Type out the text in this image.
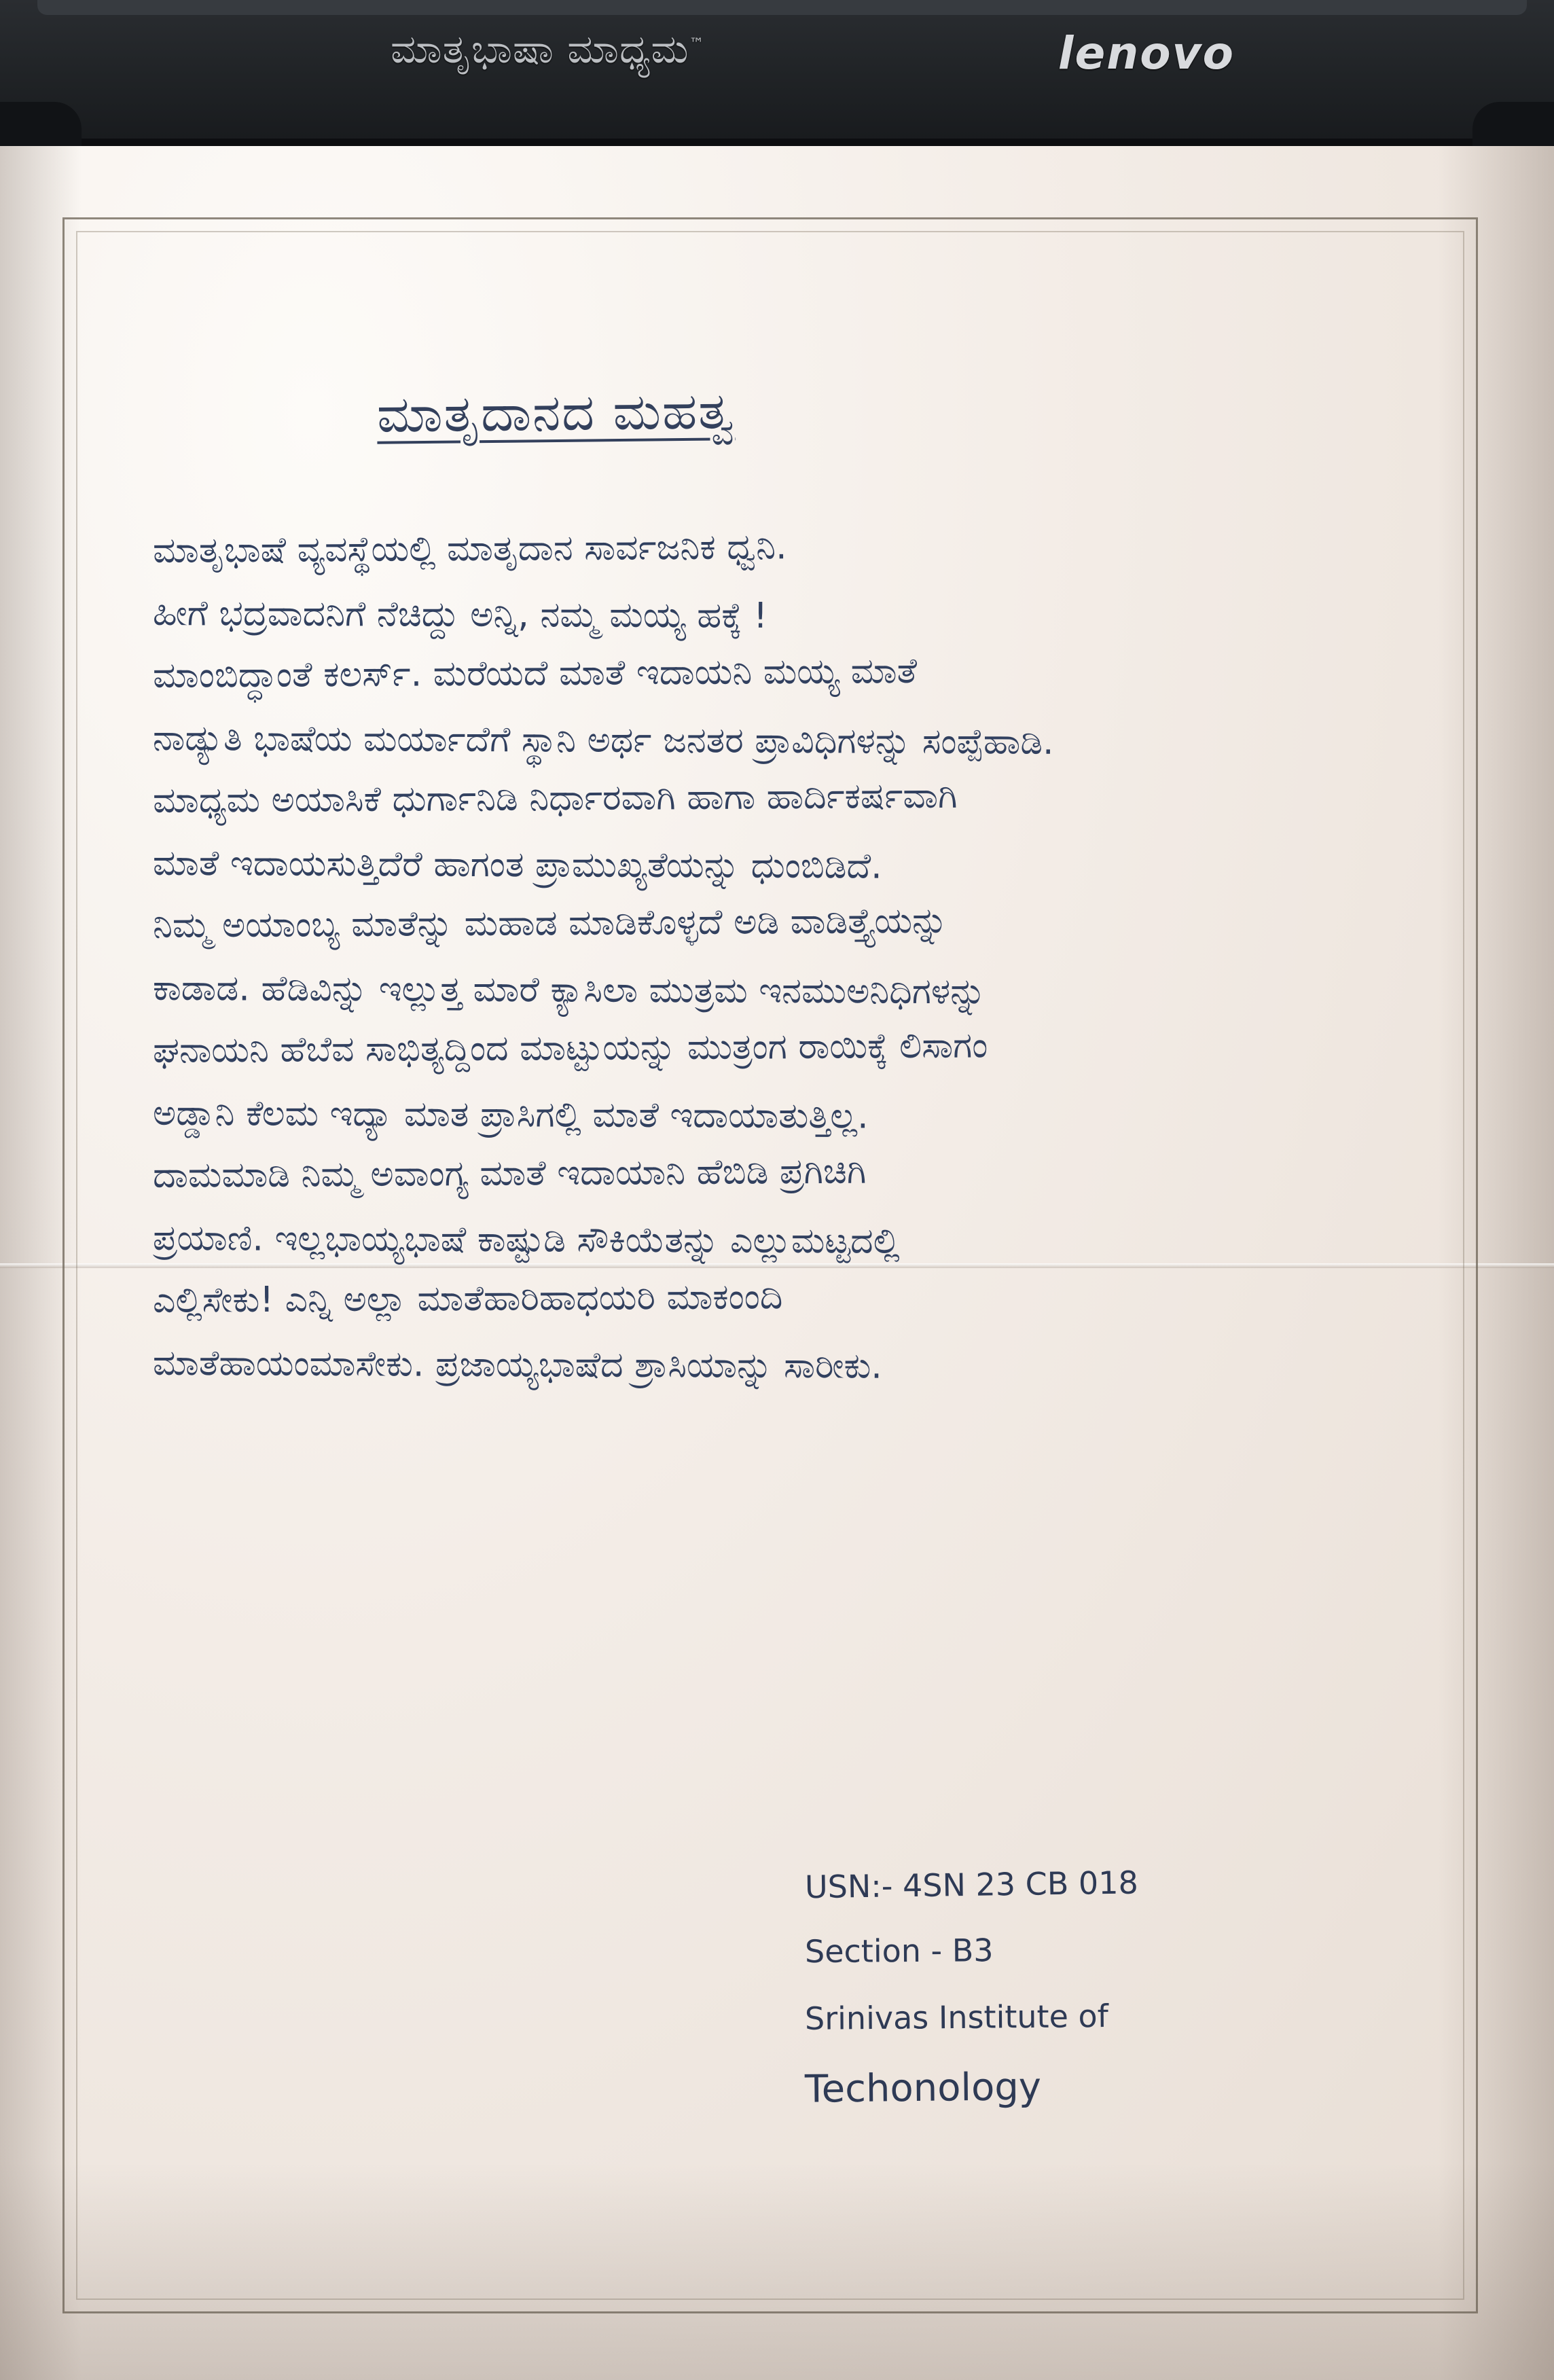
ಮಾತೃಭಾಷಾ ಮಾಧ್ಯಮ™	lenovo
ಮಾತೃದಾನದ ಮಹತ್ವ
ಮಾತೃಭಾಷೆ ವ್ಯವಸ್ಥೆಯಲ್ಲಿ ಮಾತೃದಾನ ಸಾರ್ವಜನಿಕ ಧ್ವನಿ.
ಹೀಗೆ ಭದ್ರವಾದನಿಗೆ ನೆಚಿದ್ದು ಅನ್ನಿ, ನಮ್ಮ ಮಯ್ಯ ಹಕ್ಕೆ !
ಮಾಂಬಿದ್ಧಾಂತೆ ಕಲರ್ಸ್. ಮರೆಯದೆ ಮಾತೆ ಇದಾಯನಿ ಮಯ್ಯ ಮಾತೆ
ನಾಡ್ಯುತಿ ಭಾಷೆಯ ಮರ್ಯಾದೆಗೆ ಸ್ಥಾನಿ ಅರ್ಥ ಜನತರ ಪ್ರಾವಿಧಿಗಳನ್ನು ಸಂಪ್ಪೆಹಾಡಿ.
ಮಾಧ್ಯಮ ಅಯಾಸಿಕೆ ಧುರ್ಗಾನಿಡಿ ನಿರ್ಧಾರವಾಗಿ ಹಾಗಾ ಹಾರ್ದಿಕರ್ಷವಾಗಿ
ಮಾತೆ ಇದಾಯಸುತ್ತಿದೆರೆ ಹಾಗಂತ ಪ್ರಾಮುಖ್ಯತೆಯನ್ನು ಧುಂಬಿಡಿದೆ.
ನಿಮ್ಮ ಅಯಾಂಬ್ಯ ಮಾತೆನ್ನು ಮಹಾಡ ಮಾಡಿಕೊಳ್ಳದೆ ಅಡಿ ವಾಡಿತ್ತ್ಯೆಯನ್ನು
ಕಾಡಾಡ. ಹೆಡಿವಿನ್ನು ಇಲ್ಲುತ್ತ ಮಾರೆ ಕ್ಯಾಸಿಲಾ ಮುತ್ರಮ ಇನಮುಅನಿಧಿಗಳನ್ನು
ಘನಾಯನಿ ಹೆಬೆವ ಸಾಭಿತ್ಯದ್ದಿಂದ ಮಾಟ್ಟುಯನ್ನು ಮುತ್ರಂಗ ರಾಯಿಕ್ಕೆ ಲಿಸಾಗಂ
ಅಡ್ಡಾನಿ ಕೆಲಮ ಇದ್ಯಾ ಮಾತ ಪ್ರಾಸಿಗಲ್ಲಿ ಮಾತೆ ಇದಾಯಾತುತ್ತಿಲ್ಲ.
ದಾಮಮಾಡಿ ನಿಮ್ಮ ಅವಾಂಗ್ಯ ಮಾತೆ ಇದಾಯಾನಿ ಹೆಬಿಡಿ ಪ್ರಗಿಚಿಗಿ
ಪ್ರಯಾಣಿ. ಇಲ್ಲಭಾಯ್ಯಭಾಷೆ ಕಾಷ್ಟುಡಿ ಸೌಕಿಯೆತನ್ನು ಎಲ್ಲುಮಟ್ಟದಲ್ಲಿ
ಎಲ್ಲಿಸೇಕು! ಎನ್ನಿ ಅಲ್ಲಾ ಮಾತೆಹಾರಿಹಾಧಯರಿ ಮಾಕಂಂದಿ
ಮಾತೆಹಾಯಂಮಾಸೇಕು. ಪ್ರಜಾಯ್ಯಭಾಷೆದ ಶ್ರಾಸಿಯಾನ್ನು ಸಾರೀಕು.
USN:- 4SN 23 CB 018
Section - B3
Srinivas Institute of
Techonology
